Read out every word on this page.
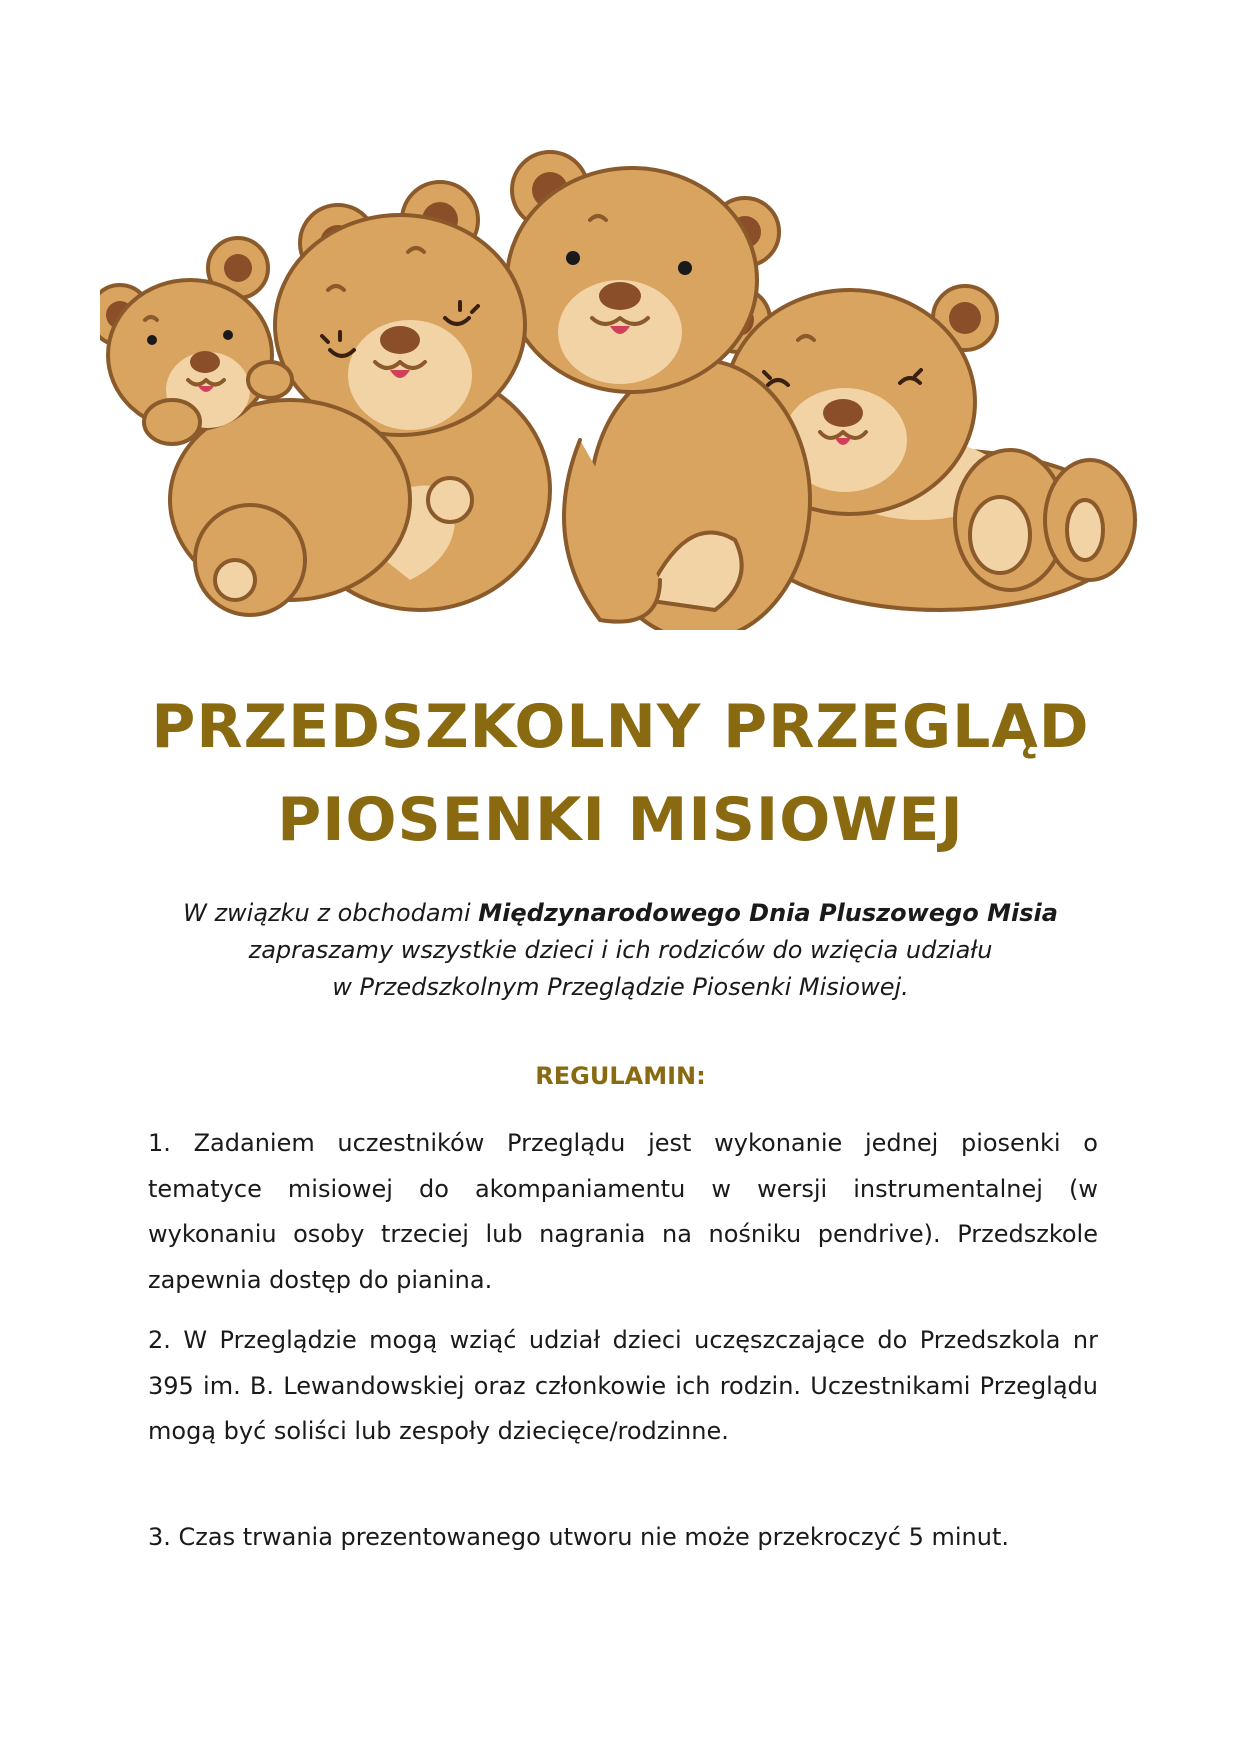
PRZEDSZKOLNY PRZEGLĄD
PIOSENKI MISIOWEJ

W związku z obchodami Międzynarodowego Dnia Pluszowego Misia

zapraszamy wszystkie dzieci i ich rodziców do wzięcia udziału

w Przedszkolnym Przeglądzie Piosenki Misiowej.

REGULAMIN:

1. Zadaniem uczestników Przeglądu jest wykonanie jednej piosenki o tematyce misiowej do akompaniamentu w wersji instrumentalnej (w wykonaniu osoby trzeciej lub nagrania na nośniku pendrive). Przedszkole zapewnia dostęp do pianina.

2. W Przeglądzie mogą wziąć udział dzieci uczęszczające do Przedszkola nr 395 im. B. Lewandowskiej oraz członkowie ich rodzin. Uczestnikami Przeglądu mogą być soliści lub zespoły dziecięce/rodzinne.

3. Czas trwania prezentowanego utworu nie może przekroczyć 5 minut.
